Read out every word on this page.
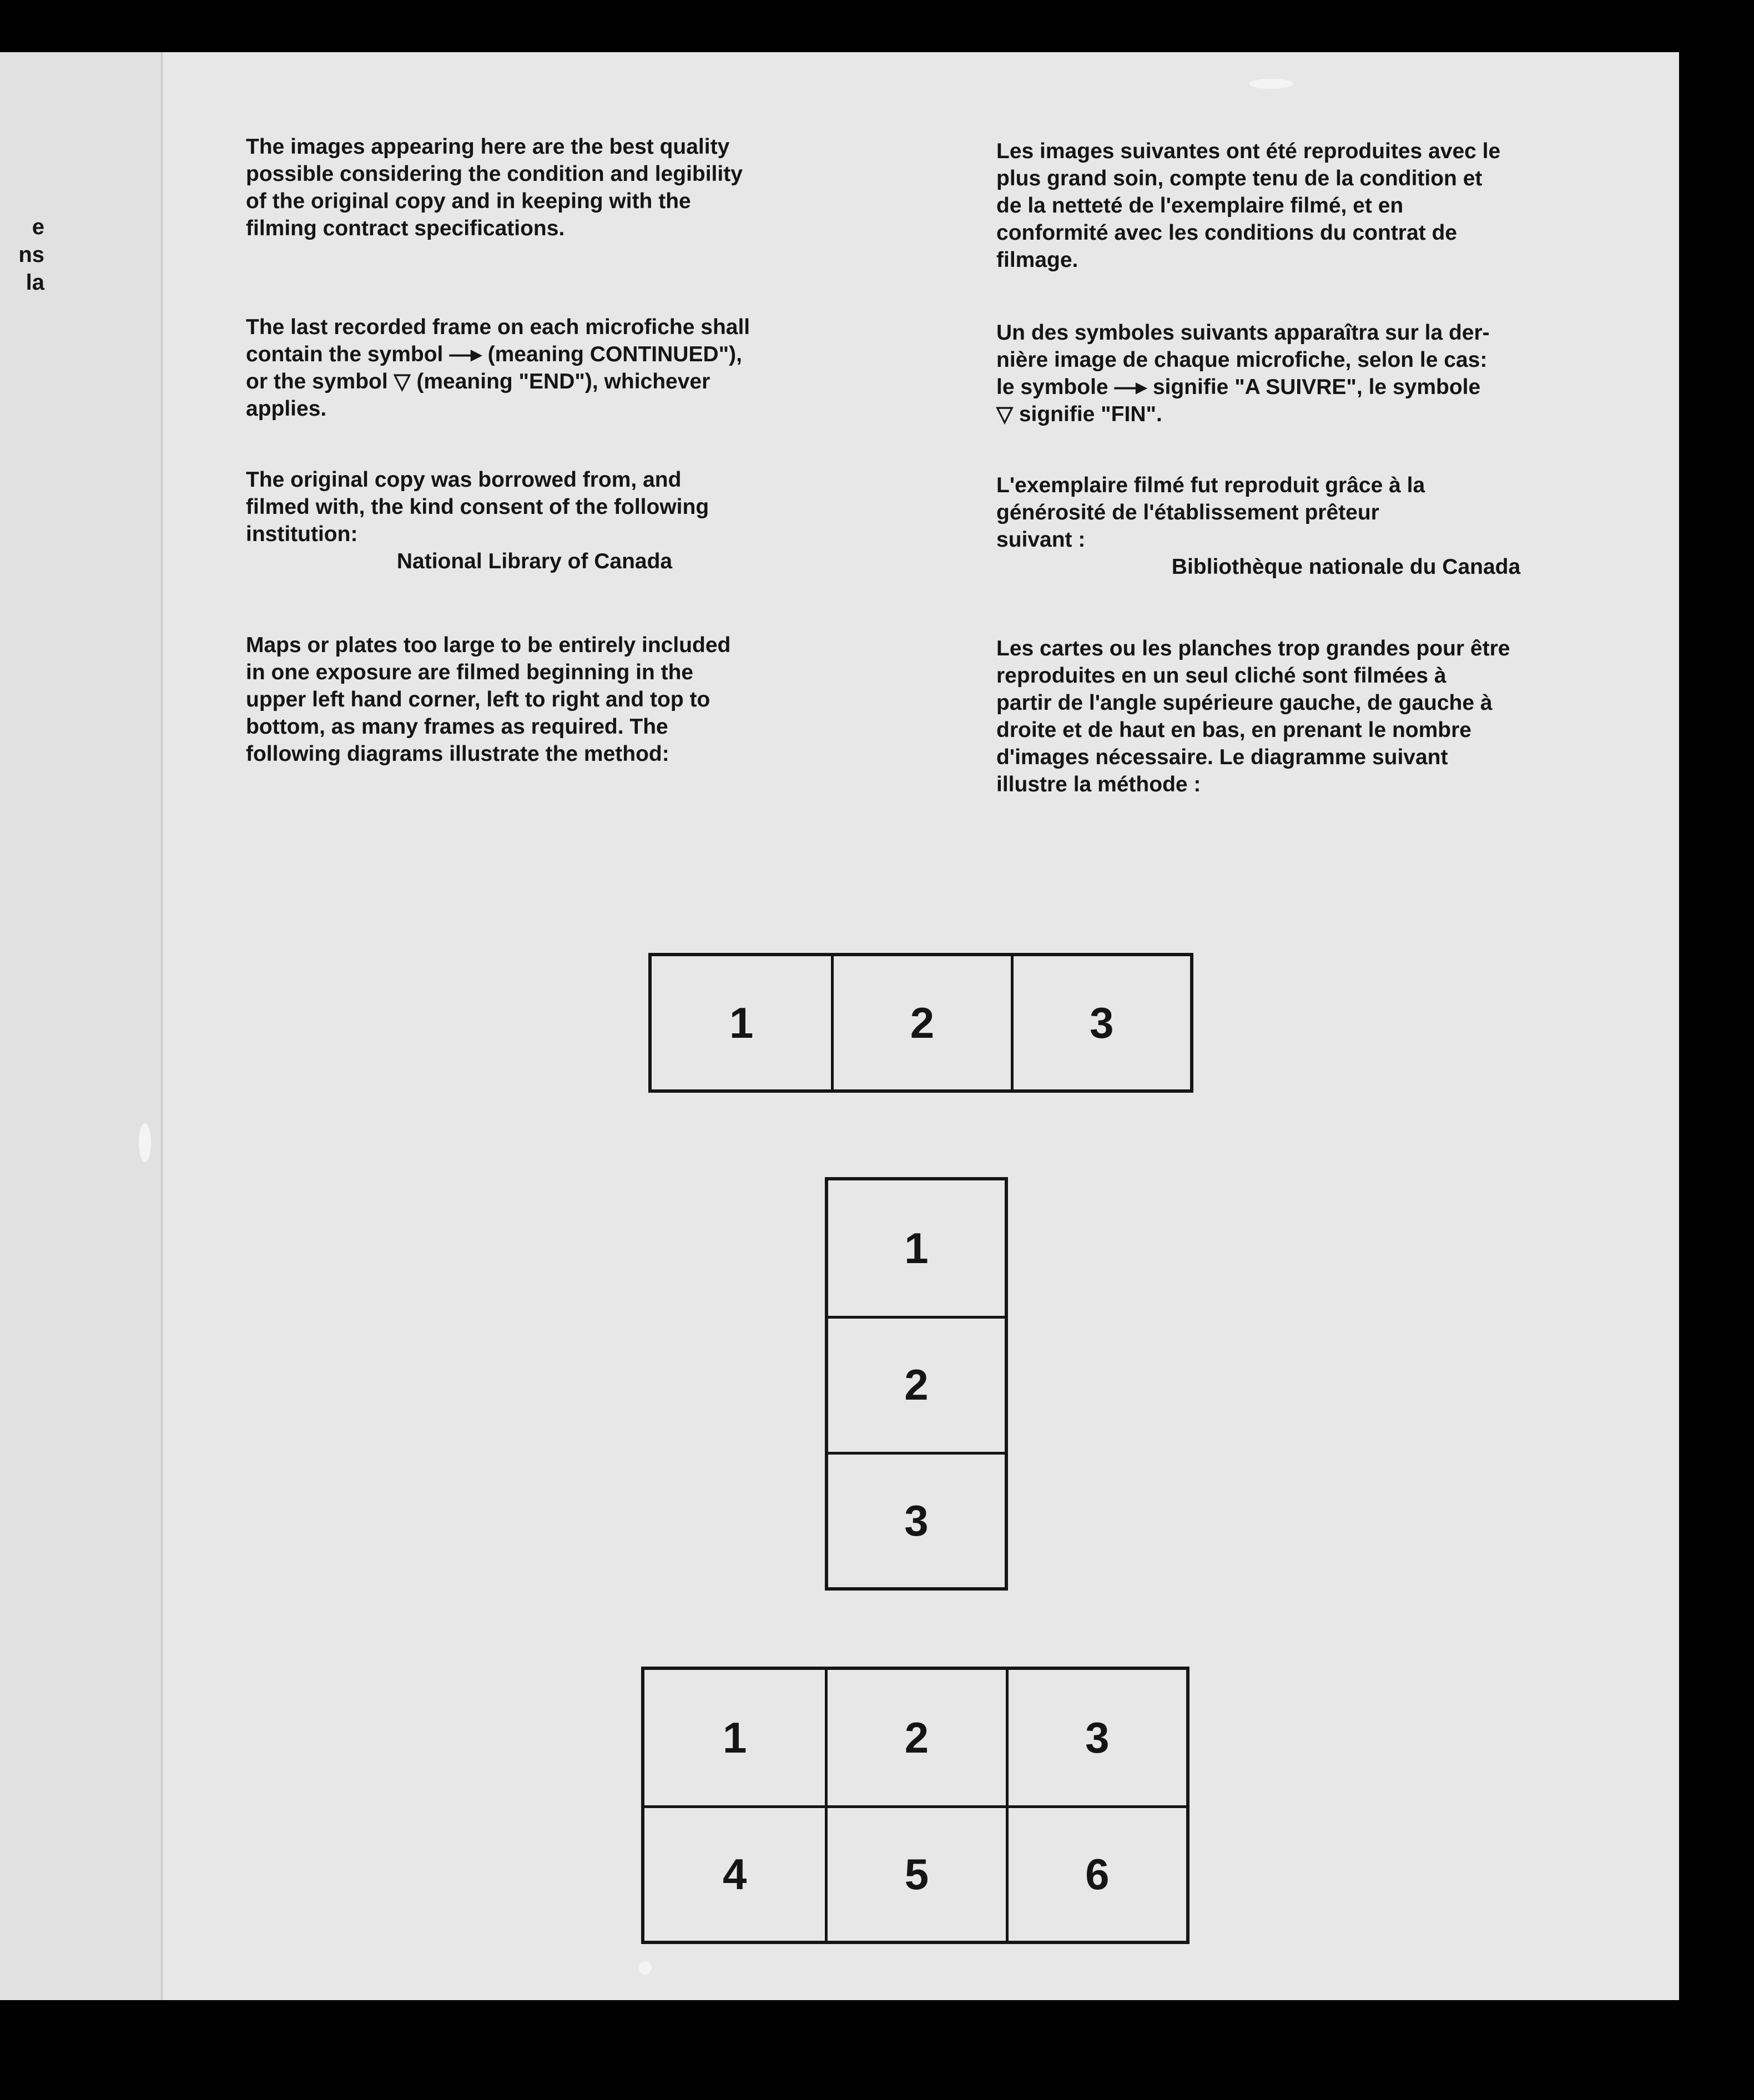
e
ns
la
The images appearing here are the best quality
possible considering the condition and legibility
of the original copy and in keeping with the
filming contract specifications.
The last recorded frame on each microfiche shall
contain the symbol —▸ (meaning CONTINUED"),
or the symbol ▽ (meaning "END"), whichever
applies.
The original copy was borrowed from, and
filmed with, the kind consent of the following
institution:
National Library of Canada
Maps or plates too large to be entirely included
in one exposure are filmed beginning in the
upper left hand corner, left to right and top to
bottom, as many frames as required. The
following diagrams illustrate the method:
Les images suivantes ont été reproduites avec le
plus grand soin, compte tenu de la condition et
de la netteté de l'exemplaire filmé, et en
conformité avec les conditions du contrat de
filmage.
Un des symboles suivants apparaîtra sur la der-
nière image de chaque microfiche, selon le cas:
le symbole —▸ signifie "A SUIVRE", le symbole
▽ signifie "FIN".
L'exemplaire filmé fut reproduit grâce à la
générosité de l'établissement prêteur
suivant :
Bibliothèque nationale du Canada
Les cartes ou les planches trop grandes pour être
reproduites en un seul cliché sont filmées à
partir de l'angle supérieure gauche, de gauche à
droite et de haut en bas, en prenant le nombre
d'images nécessaire. Le diagramme suivant
illustre la méthode :
1	2	3
1
2
3
1	2	3
4	5	6
